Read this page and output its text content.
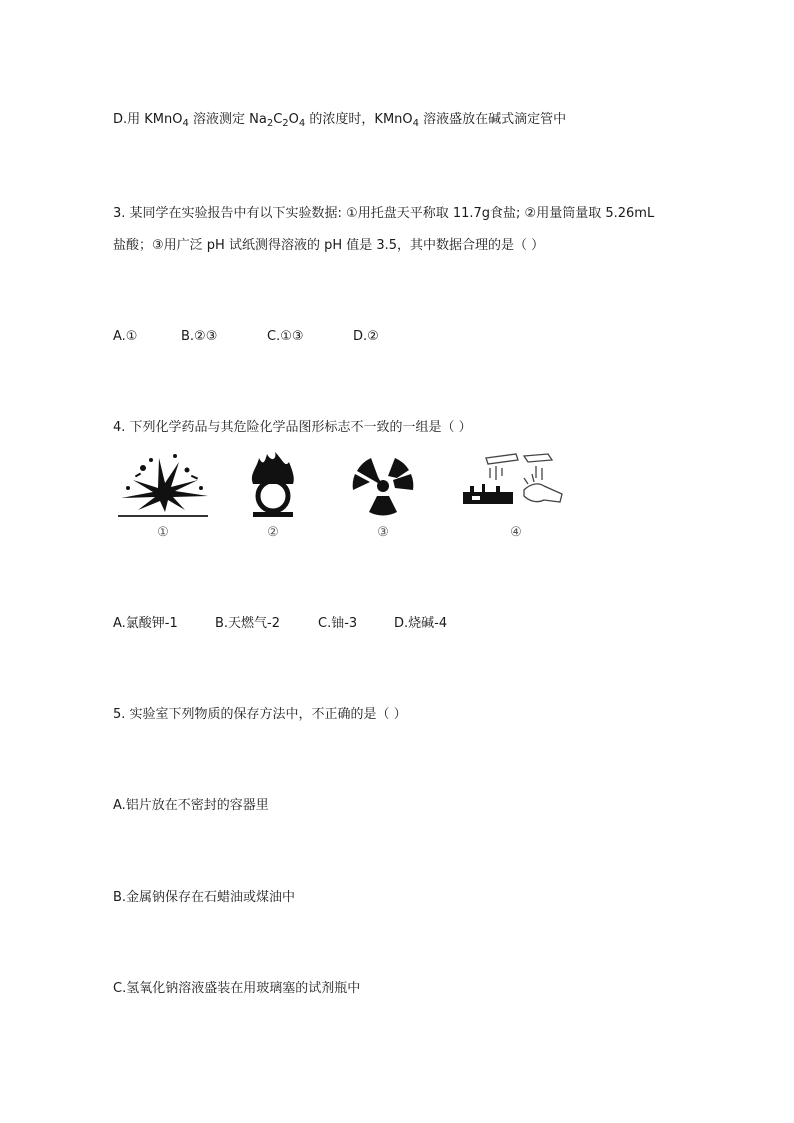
D.用 KMnO$_4$ 溶液测定 $Na_2C_2O_4$ 的浓度时，KMnO$_4$ 溶液盛放在碱式滴定管中
3. 某同学在实验报告中有以下实验数据: ①用托盘天平称取 11.7g食盐; ②用量筒量取 5.26mL
盐酸；③用广泛 pH 试纸测得溶液的 pH 值是 3.5，其中数据合理的是（ ）
A.①	B.②③	C.①③	D.②
4. 下列化学药品与其危险化学品图形标志不一致的一组是（ ）
①	②	③	④
A.氯酸钾-1	B.天燃气-2	C.铀-3	D.烧碱-4
5. 实验室下列物质的保存方法中，不正确的是（ ）
A.铝片放在不密封的容器里
B.金属钠保存在石蜡油或煤油中
C.氢氧化钠溶液盛装在用玻璃塞的试剂瓶中
